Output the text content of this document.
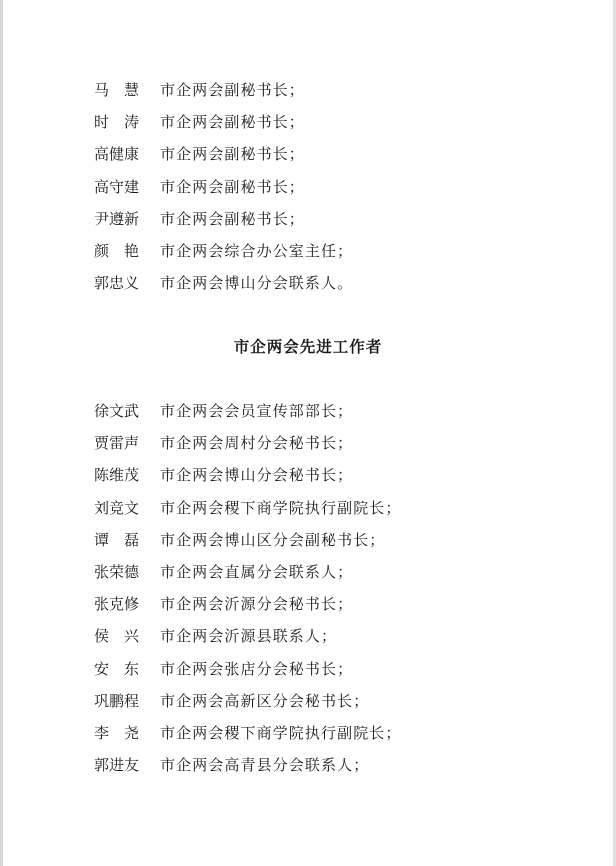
马　慧	市企两会副秘书长；
时　涛	市企两会副秘书长；
高健康	市企两会副秘书长；
高守建	市企两会副秘书长；
尹遵新	市企两会副秘书长；
颜　艳	市企两会综合办公室主任；
郭忠义	市企两会博山分会联系人。
市企两会先进工作者
徐文武	市企两会会员宣传部部长；
贾雷声	市企两会周村分会秘书长；
陈维茂	市企两会博山分会秘书长；
刘竞文	市企两会稷下商学院执行副院长；
谭　磊	市企两会博山区分会副秘书长；
张荣德	市企两会直属分会联系人；
张克修	市企两会沂源分会秘书长；
侯　兴	市企两会沂源县联系人；
安　东	市企两会张店分会秘书长；
巩鹏程	市企两会高新区分会秘书长；
李　尧	市企两会稷下商学院执行副院长；
郭进友	市企两会高青县分会联系人；
